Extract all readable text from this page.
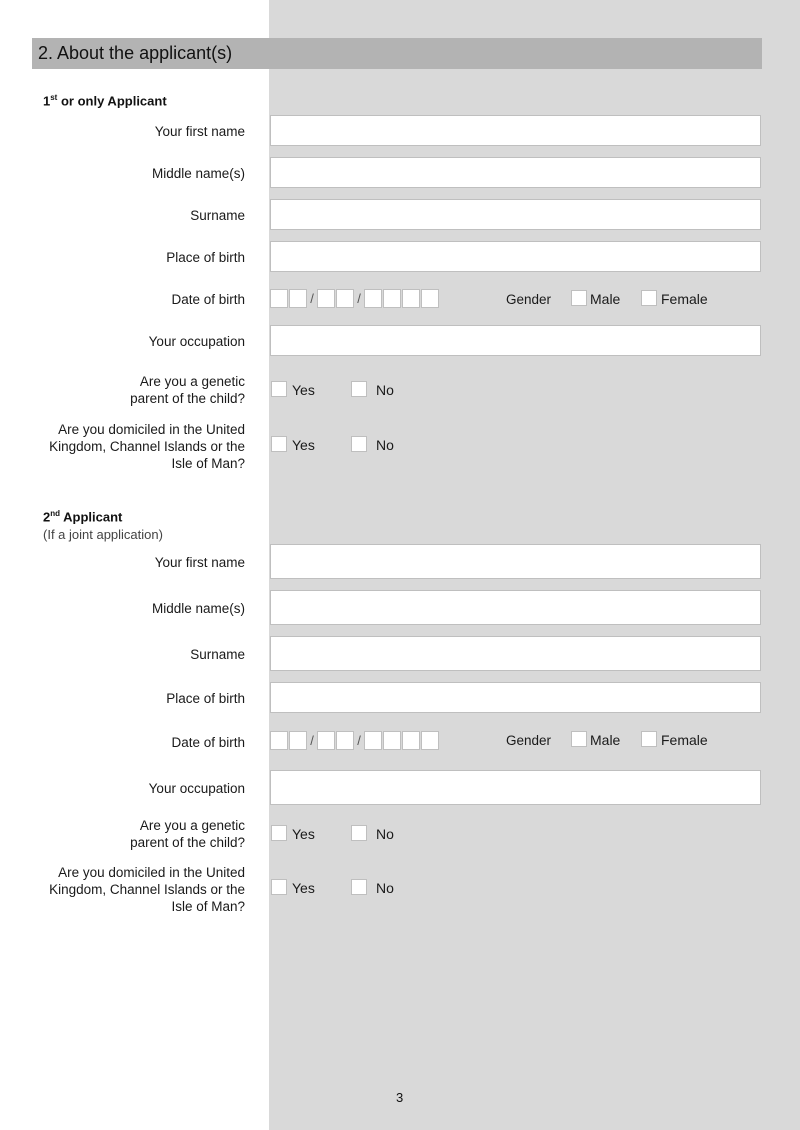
2. About the applicant(s)
1st or only Applicant
Your first name
Middle name(s)
Surname
Place of birth
Date of birth	/	/	Gender	Male	Female
Your occupation
Are you a genetic
parent of the child?
Yes	No
Are you domiciled in the United
Kingdom, Channel Islands or the
Isle of Man?
Yes	No
2nd Applicant
(If a joint application)
Your first name
Middle name(s)
Surname
Place of birth
Date of birth	/	/	Gender	Male	Female
Your occupation
Are you a genetic
parent of the child?
Yes	No
Are you domiciled in the United
Kingdom, Channel Islands or the
Isle of Man?
Yes	No
3
